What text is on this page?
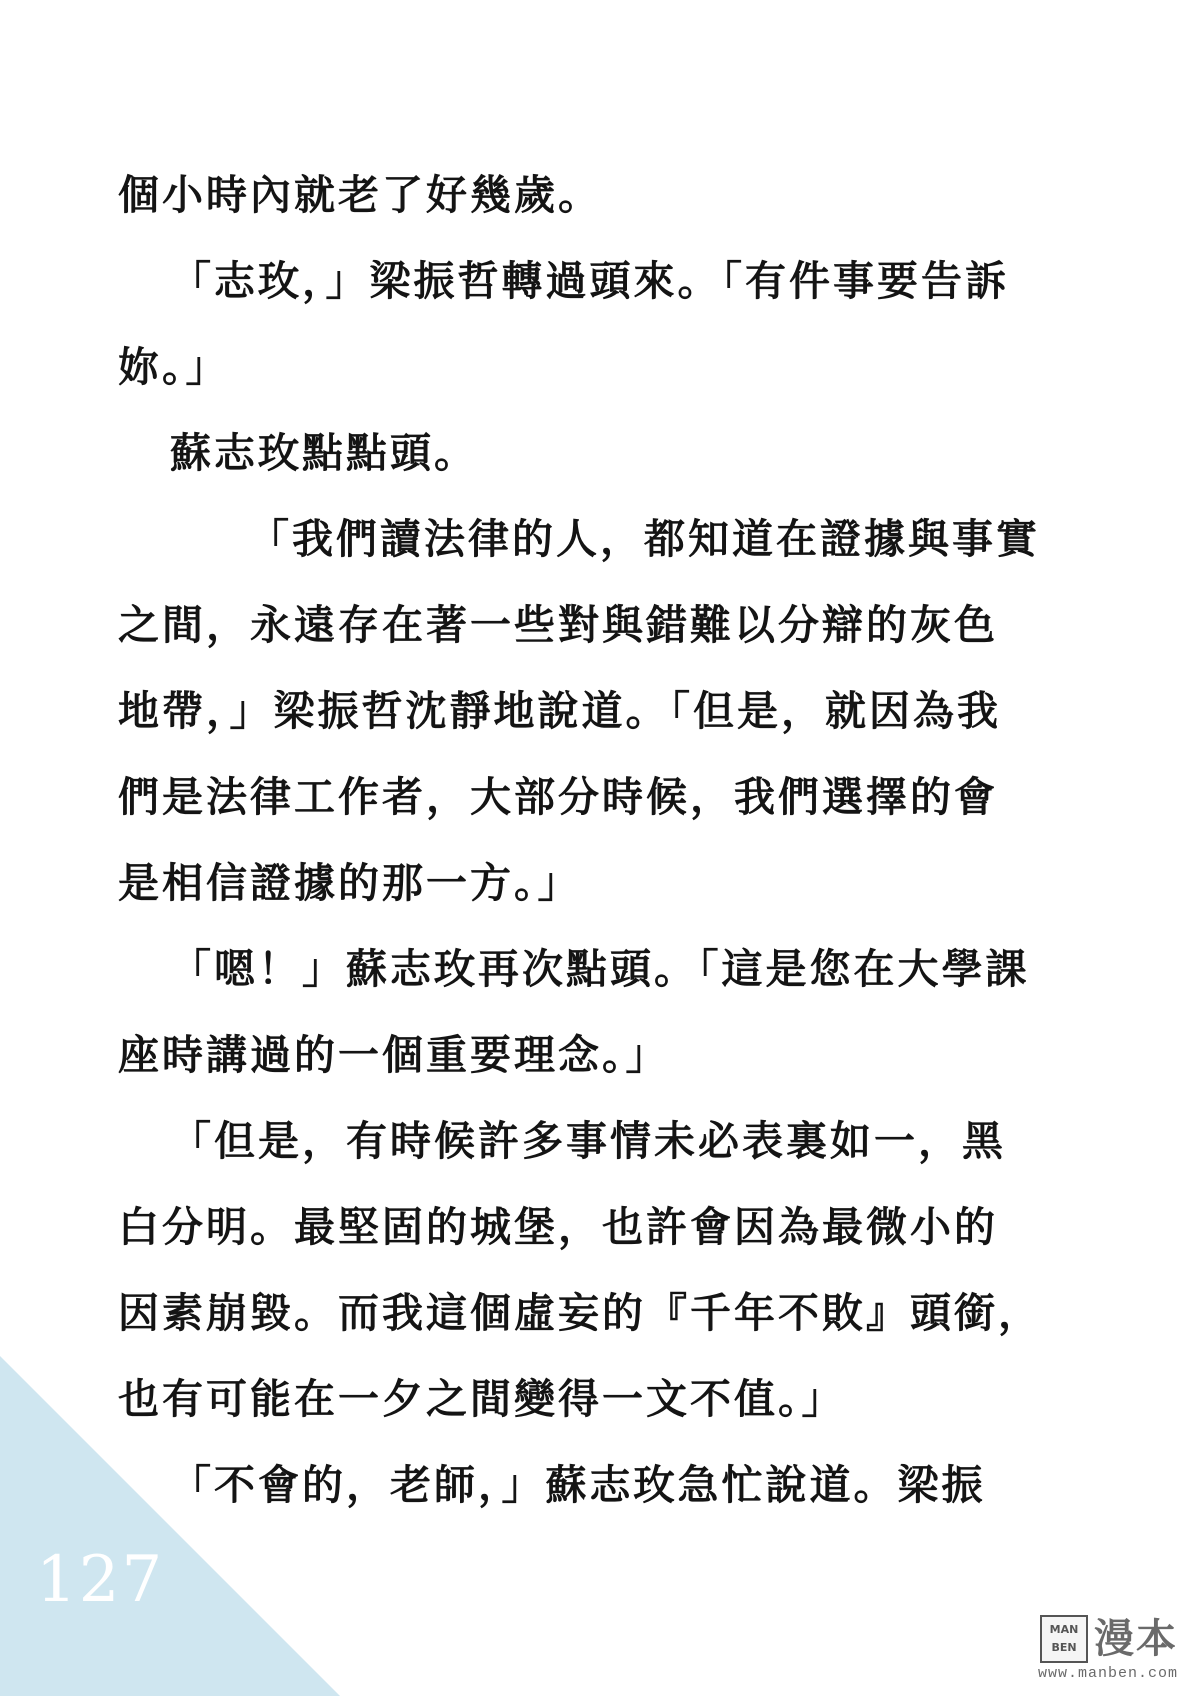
個小時內就老了好幾歲。
「志玫，」梁振哲轉過頭來。「有件事要告訴
妳。」
蘇志玫點點頭。
「我們讀法律的人，都知道在證據與事實
之間，永遠存在著一些對與錯難以分辯的灰色
地帶，」梁振哲沈靜地說道。「但是，就因為我
們是法律工作者，大部分時候，我們選擇的會
是相信證據的那一方。」
「嗯！」蘇志玫再次點頭。「這是您在大學課
座時講過的一個重要理念。」
「但是，有時候許多事情未必表裏如一，黑
白分明。最堅固的城堡，也許會因為最微小的
因素崩毀。而我這個虛妄的『千年不敗』頭銜，
也有可能在一夕之間變得一文不值。」
「不會的，老師，」蘇志玫急忙說道。梁振
127
MAN
BEN 漫本
www.manben.com
